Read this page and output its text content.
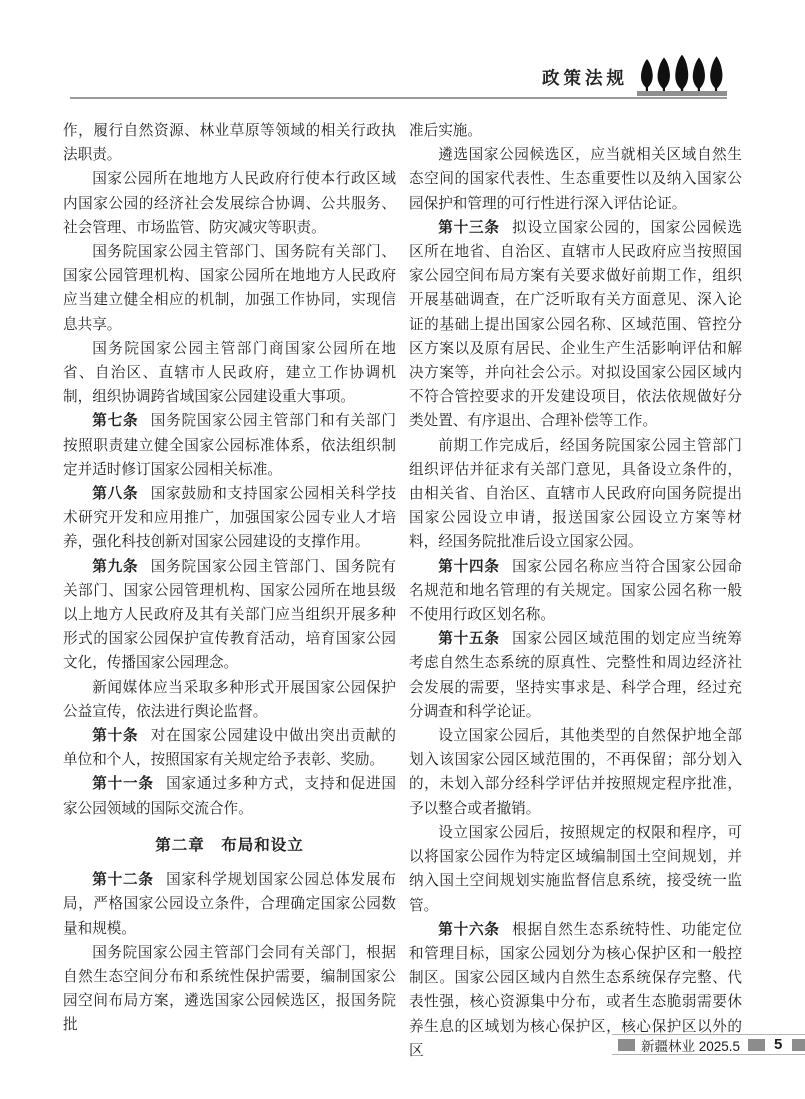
政策法规

作，履行自然资源、林业草原等领域的相关行政执法职责。

国家公园所在地地方人民政府行使本行政区域内国家公园的经济社会发展综合协调、公共服务、社会管理、市场监管、防灾减灾等职责。

国务院国家公园主管部门、国务院有关部门、国家公园管理机构、国家公园所在地地方人民政府应当建立健全相应的机制，加强工作协同，实现信息共享。

国务院国家公园主管部门商国家公园所在地省、自治区、直辖市人民政府，建立工作协调机制，组织协调跨省域国家公园建设重大事项。

第七条 国务院国家公园主管部门和有关部门按照职责建立健全国家公园标准体系，依法组织制定并适时修订国家公园相关标准。

第八条 国家鼓励和支持国家公园相关科学技术研究开发和应用推广，加强国家公园专业人才培养，强化科技创新对国家公园建设的支撑作用。

第九条 国务院国家公园主管部门、国务院有关部门、国家公园管理机构、国家公园所在地县级以上地方人民政府及其有关部门应当组织开展多种形式的国家公园保护宣传教育活动，培育国家公园文化，传播国家公园理念。

新闻媒体应当采取多种形式开展国家公园保护公益宣传，依法进行舆论监督。

第十条 对在国家公园建设中做出突出贡献的单位和个人，按照国家有关规定给予表彰、奖励。

第十一条 国家通过多种方式，支持和促进国家公园领域的国际交流合作。

第二章　布局和设立

第十二条 国家科学规划国家公园总体发展布局，严格国家公园设立条件，合理确定国家公园数量和规模。

国务院国家公园主管部门会同有关部门，根据自然生态空间分布和系统性保护需要，编制国家公园空间布局方案，遴选国家公园候选区，报国务院批

准后实施。

遴选国家公园候选区，应当就相关区域自然生态空间的国家代表性、生态重要性以及纳入国家公园保护和管理的可行性进行深入评估论证。

第十三条 拟设立国家公园的，国家公园候选区所在地省、自治区、直辖市人民政府应当按照国家公园空间布局方案有关要求做好前期工作，组织开展基础调查，在广泛听取有关方面意见、深入论证的基础上提出国家公园名称、区域范围、管控分区方案以及原有居民、企业生产生活影响评估和解决方案等，并向社会公示。对拟设国家公园区域内不符合管控要求的开发建设项目，依法依规做好分类处置、有序退出、合理补偿等工作。

前期工作完成后，经国务院国家公园主管部门组织评估并征求有关部门意见，具备设立条件的，由相关省、自治区、直辖市人民政府向国务院提出国家公园设立申请，报送国家公园设立方案等材料，经国务院批准后设立国家公园。

第十四条 国家公园名称应当符合国家公园命名规范和地名管理的有关规定。国家公园名称一般不使用行政区划名称。

第十五条 国家公园区域范围的划定应当统筹考虑自然生态系统的原真性、完整性和周边经济社会发展的需要，坚持实事求是、科学合理，经过充分调查和科学论证。

设立国家公园后，其他类型的自然保护地全部划入该国家公园区域范围的，不再保留；部分划入的，未划入部分经科学评估并按照规定程序批准，予以整合或者撤销。

设立国家公园后，按照规定的权限和程序，可以将国家公园作为特定区域编制国土空间规划，并纳入国土空间规划实施监督信息系统，接受统一监管。

第十六条 根据自然生态系统特性、功能定位和管理目标，国家公园划分为核心保护区和一般控制区。国家公园区域内自然生态系统保存完整、代表性强，核心资源集中分布，或者生态脆弱需要休养生息的区域划为核心保护区，核心保护区以外的区	新疆林业 2025.5 5
